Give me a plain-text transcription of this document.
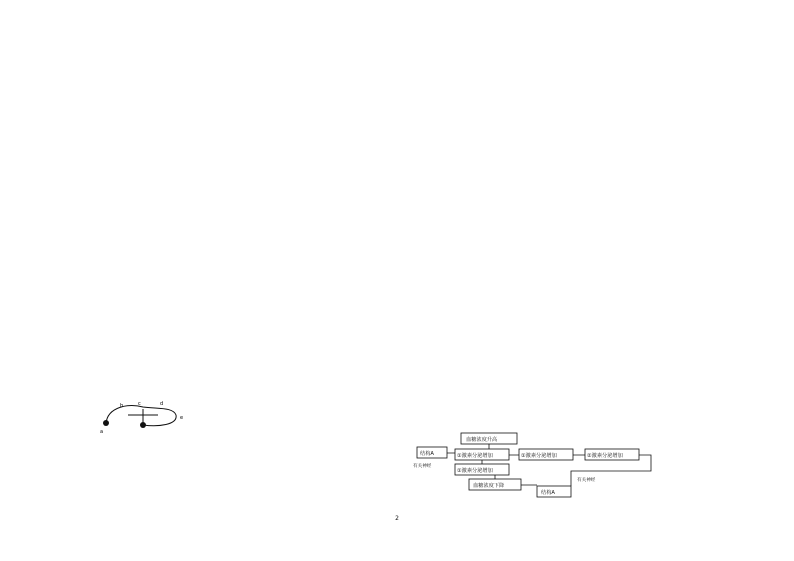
a
b	c	d
e
血糖浓度升高
结构A
有关神经
①激素分泌增加	①激素分泌增加	②激素分泌增加
①激素分泌增加
血糖浓度下降
有关神经
结构A
2
